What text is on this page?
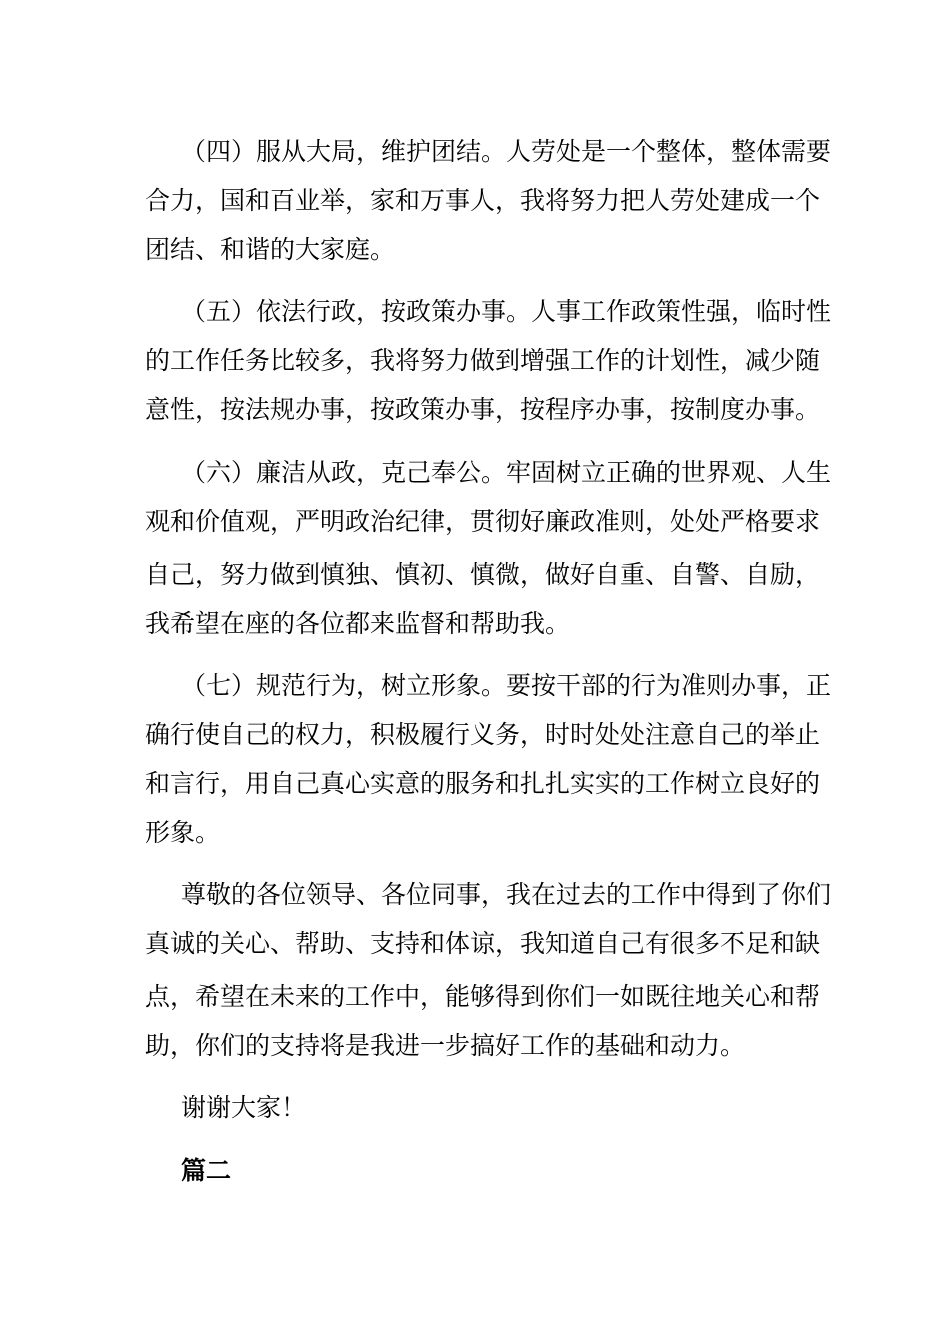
（四）服从大局，维护团结。人劳处是一个整体，整体需要

合力，国和百业举，家和万事人，我将努力把人劳处建成一个

团结、和谐的大家庭。

（五）依法行政，按政策办事。人事工作政策性强，临时性

的工作任务比较多，我将努力做到增强工作的计划性，减少随

意性，按法规办事，按政策办事，按程序办事，按制度办事。

（六）廉洁从政，克己奉公。牢固树立正确的世界观、人生

观和价值观，严明政治纪律，贯彻好廉政准则，处处严格要求

自己，努力做到慎独、慎初、慎微，做好自重、自警、自励，

我希望在座的各位都来监督和帮助我。

（七）规范行为，树立形象。要按干部的行为准则办事，正

确行使自己的权力，积极履行义务，时时处处注意自己的举止

和言行，用自己真心实意的服务和扎扎实实的工作树立良好的

形象。

尊敬的各位领导、各位同事，我在过去的工作中得到了你们

真诚的关心、帮助、支持和体谅，我知道自己有很多不足和缺

点，希望在未来的工作中，能够得到你们一如既往地关心和帮

助，你们的支持将是我进一步搞好工作的基础和动力。

谢谢大家！

篇二
